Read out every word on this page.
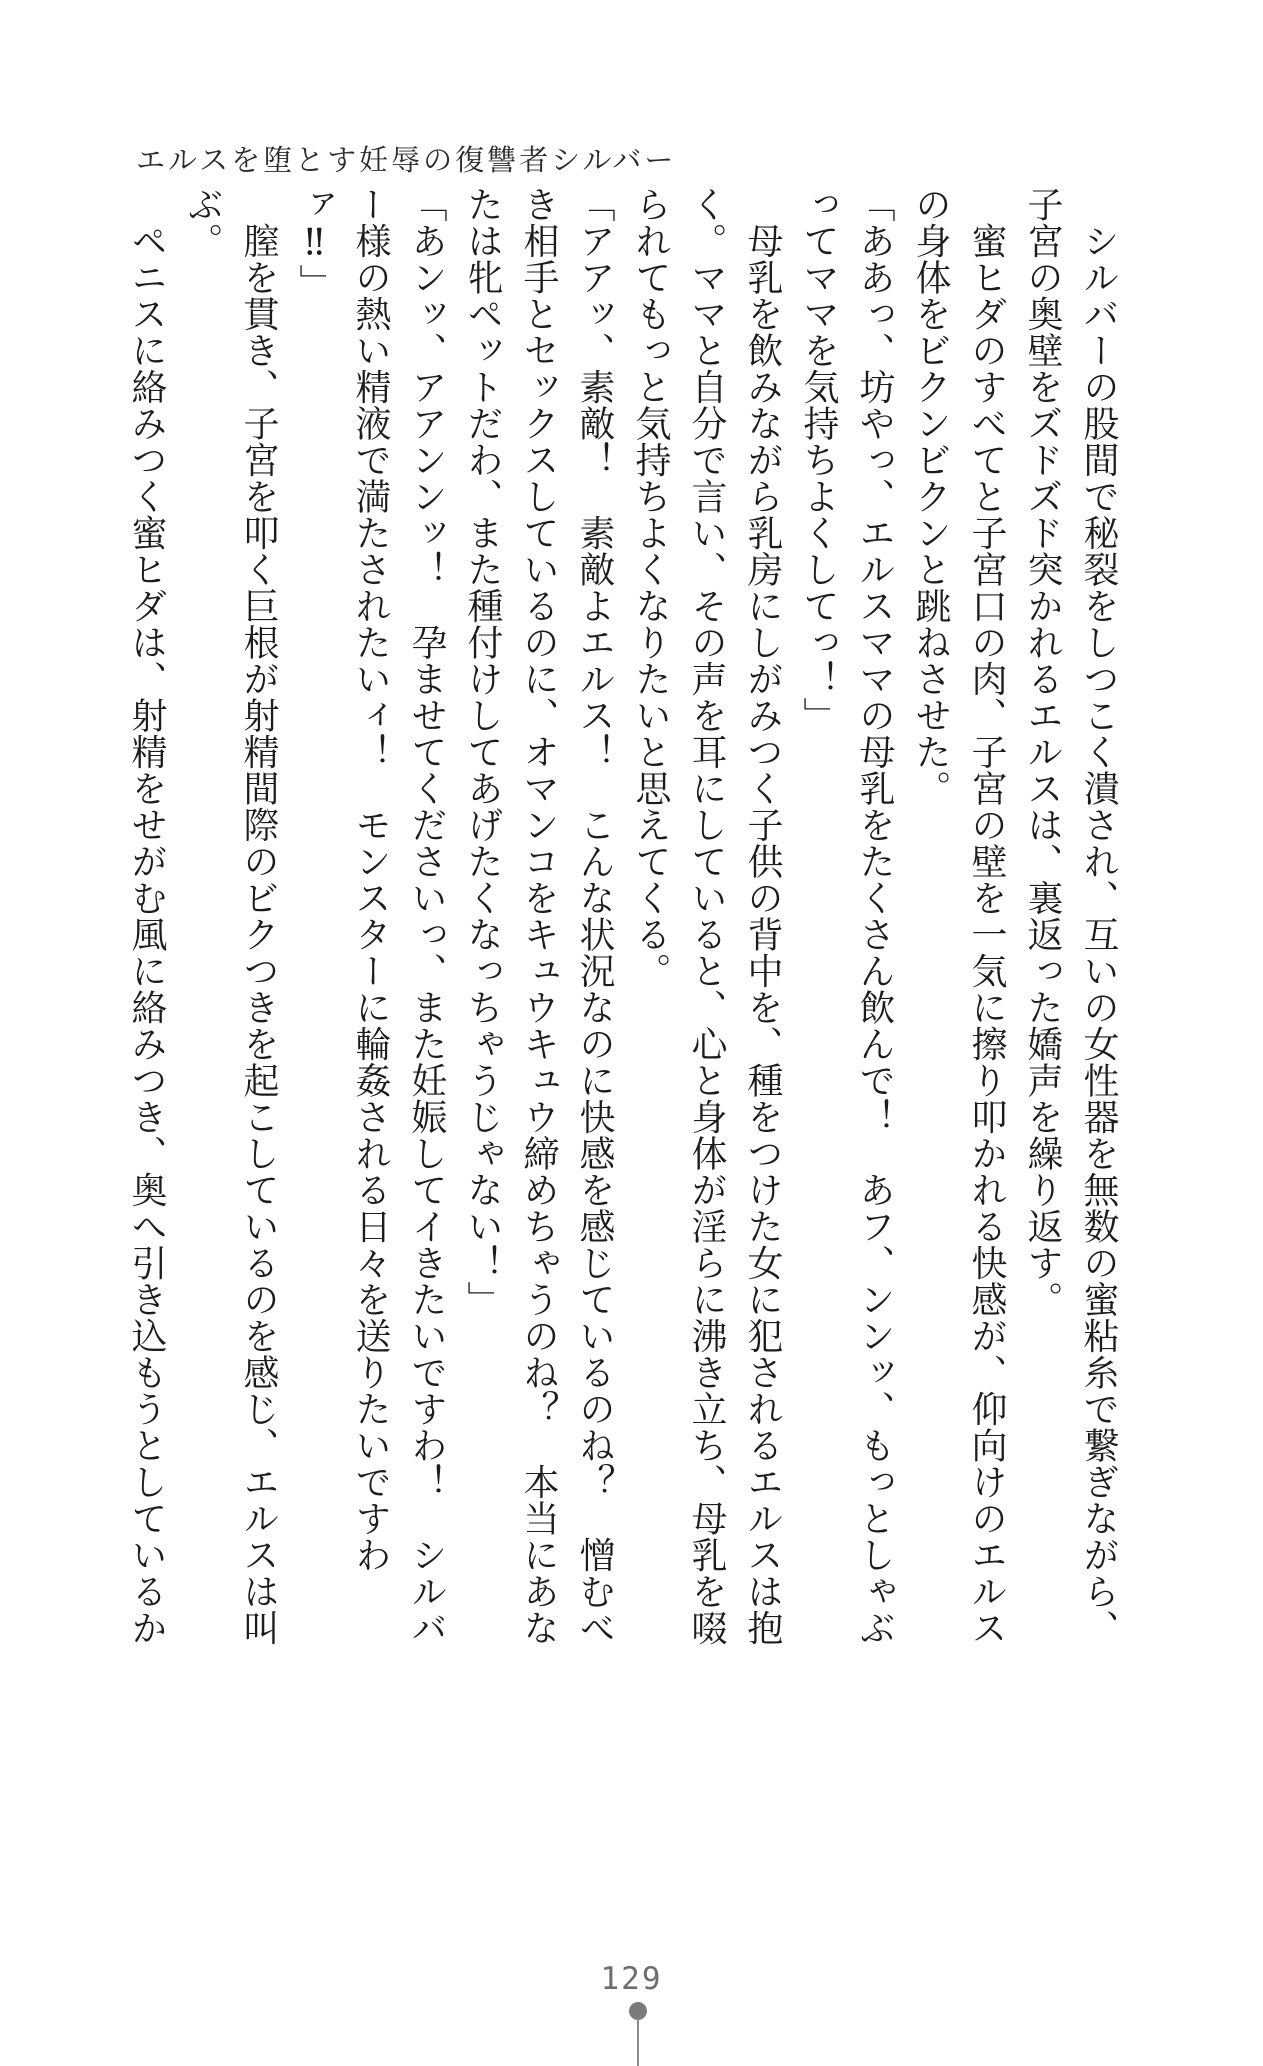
エルスを堕とす妊辱の復讐者シルバー

　シルバーの股間で秘裂をしつこく潰され、互いの女性器を無数の蜜粘糸で繋ぎながら、

子宮の奥壁をズドズド突かれるエルスは、裏返った嬌声を繰り返す。

　蜜ヒダのすべてと子宮口の肉、子宮の壁を一気に擦り叩かれる快感が、仰向けのエルス

の身体をビクンビクンと跳ねさせた。

「ああっ、坊やっ、エルスママの母乳をたくさん飲んで！　あフ、ンンッ、もっとしゃぶ

ってママを気持ちよくしてっ！」

　母乳を飲みながら乳房にしがみつく子供の背中を、種をつけた女に犯されるエルスは抱

く。ママと自分で言い、その声を耳にしていると、心と身体が淫らに沸き立ち、母乳を啜

られてもっと気持ちよくなりたいと思えてくる。

「アアッ、素敵！　素敵よエルス！　こんな状況なのに快感を感じているのね？　憎むべ

き相手とセックスしているのに、オマンコをキュウキュウ締めちゃうのね？　本当にあな

たは牝ペットだわ、また種付けしてあげたくなっちゃうじゃない！」

「あンッ、アアンンッ！　孕ませてくださいっ、また妊娠してイきたいですわ！　シルバ

ー様の熱い精液で満たされたいィ！　モンスターに輪姦される日々を送りたいですわ

ァ‼」

　膣を貫き、子宮を叩く巨根が射精間際のビクつきを起こしているのを感じ、エルスは叫

ぶ。

　ペニスに絡みつく蜜ヒダは、射精をせがむ風に絡みつき、奥へ引き込もうとしているか

129
